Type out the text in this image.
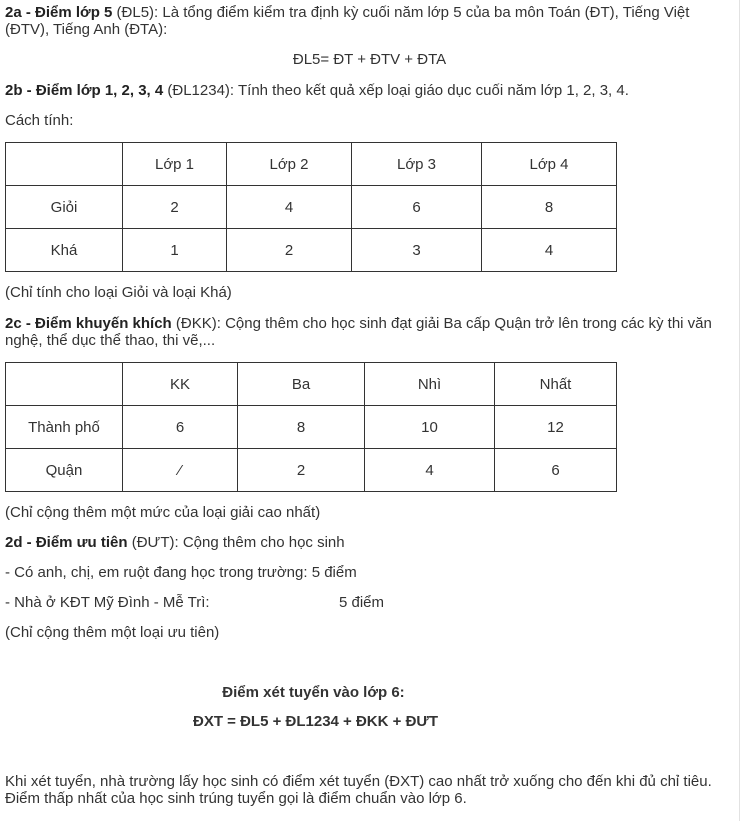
2a - Điểm lớp 5 (ĐL5): Là tổng điểm kiểm tra định kỳ cuối năm lớp 5 của ba môn Toán (ĐT), Tiếng Việt (ĐTV), Tiếng Anh (ĐTA):

ĐL5= ĐT + ĐTV + ĐTA

2b - Điểm lớp 1, 2, 3, 4 (ĐL1234): Tính theo kết quả xếp loại giáo dục cuối năm lớp 1, 2, 3, 4.

Cách tính:

	Lớp 1	Lớp 2	Lớp 3	Lớp 4
Giỏi	2	4	6	8
Khá	1	2	3	4

(Chỉ tính cho loại Giỏi và loại Khá)

2c - Điểm khuyến khích (ĐKK): Cộng thêm cho học sinh đạt giải Ba cấp Quận trở lên trong các kỳ thi văn nghệ, thể dục thể thao, thi vẽ,...

	KK	Ba	Nhì	Nhất
Thành phố	6	8	10	12
Quận	⁄	2	4	6

(Chỉ cộng thêm một mức của loại giải cao nhất)

2d - Điểm ưu tiên (ĐƯT): Cộng thêm cho học sinh

- Có anh, chị, em ruột đang học trong trường: 5 điểm

- Nhà ở KĐT Mỹ Đình - Mễ Trì:	5 điểm

(Chỉ cộng thêm một loại ưu tiên)

Điểm xét tuyển vào lớp 6:

ĐXT = ĐL5 + ĐL1234 + ĐKK + ĐƯT

Khi xét tuyển, nhà trường lấy học sinh có điểm xét tuyển (ĐXT) cao nhất trở xuống cho đến khi đủ chỉ tiêu. Điểm thấp nhất của học sinh trúng tuyển gọi là điểm chuẩn vào lớp 6.
